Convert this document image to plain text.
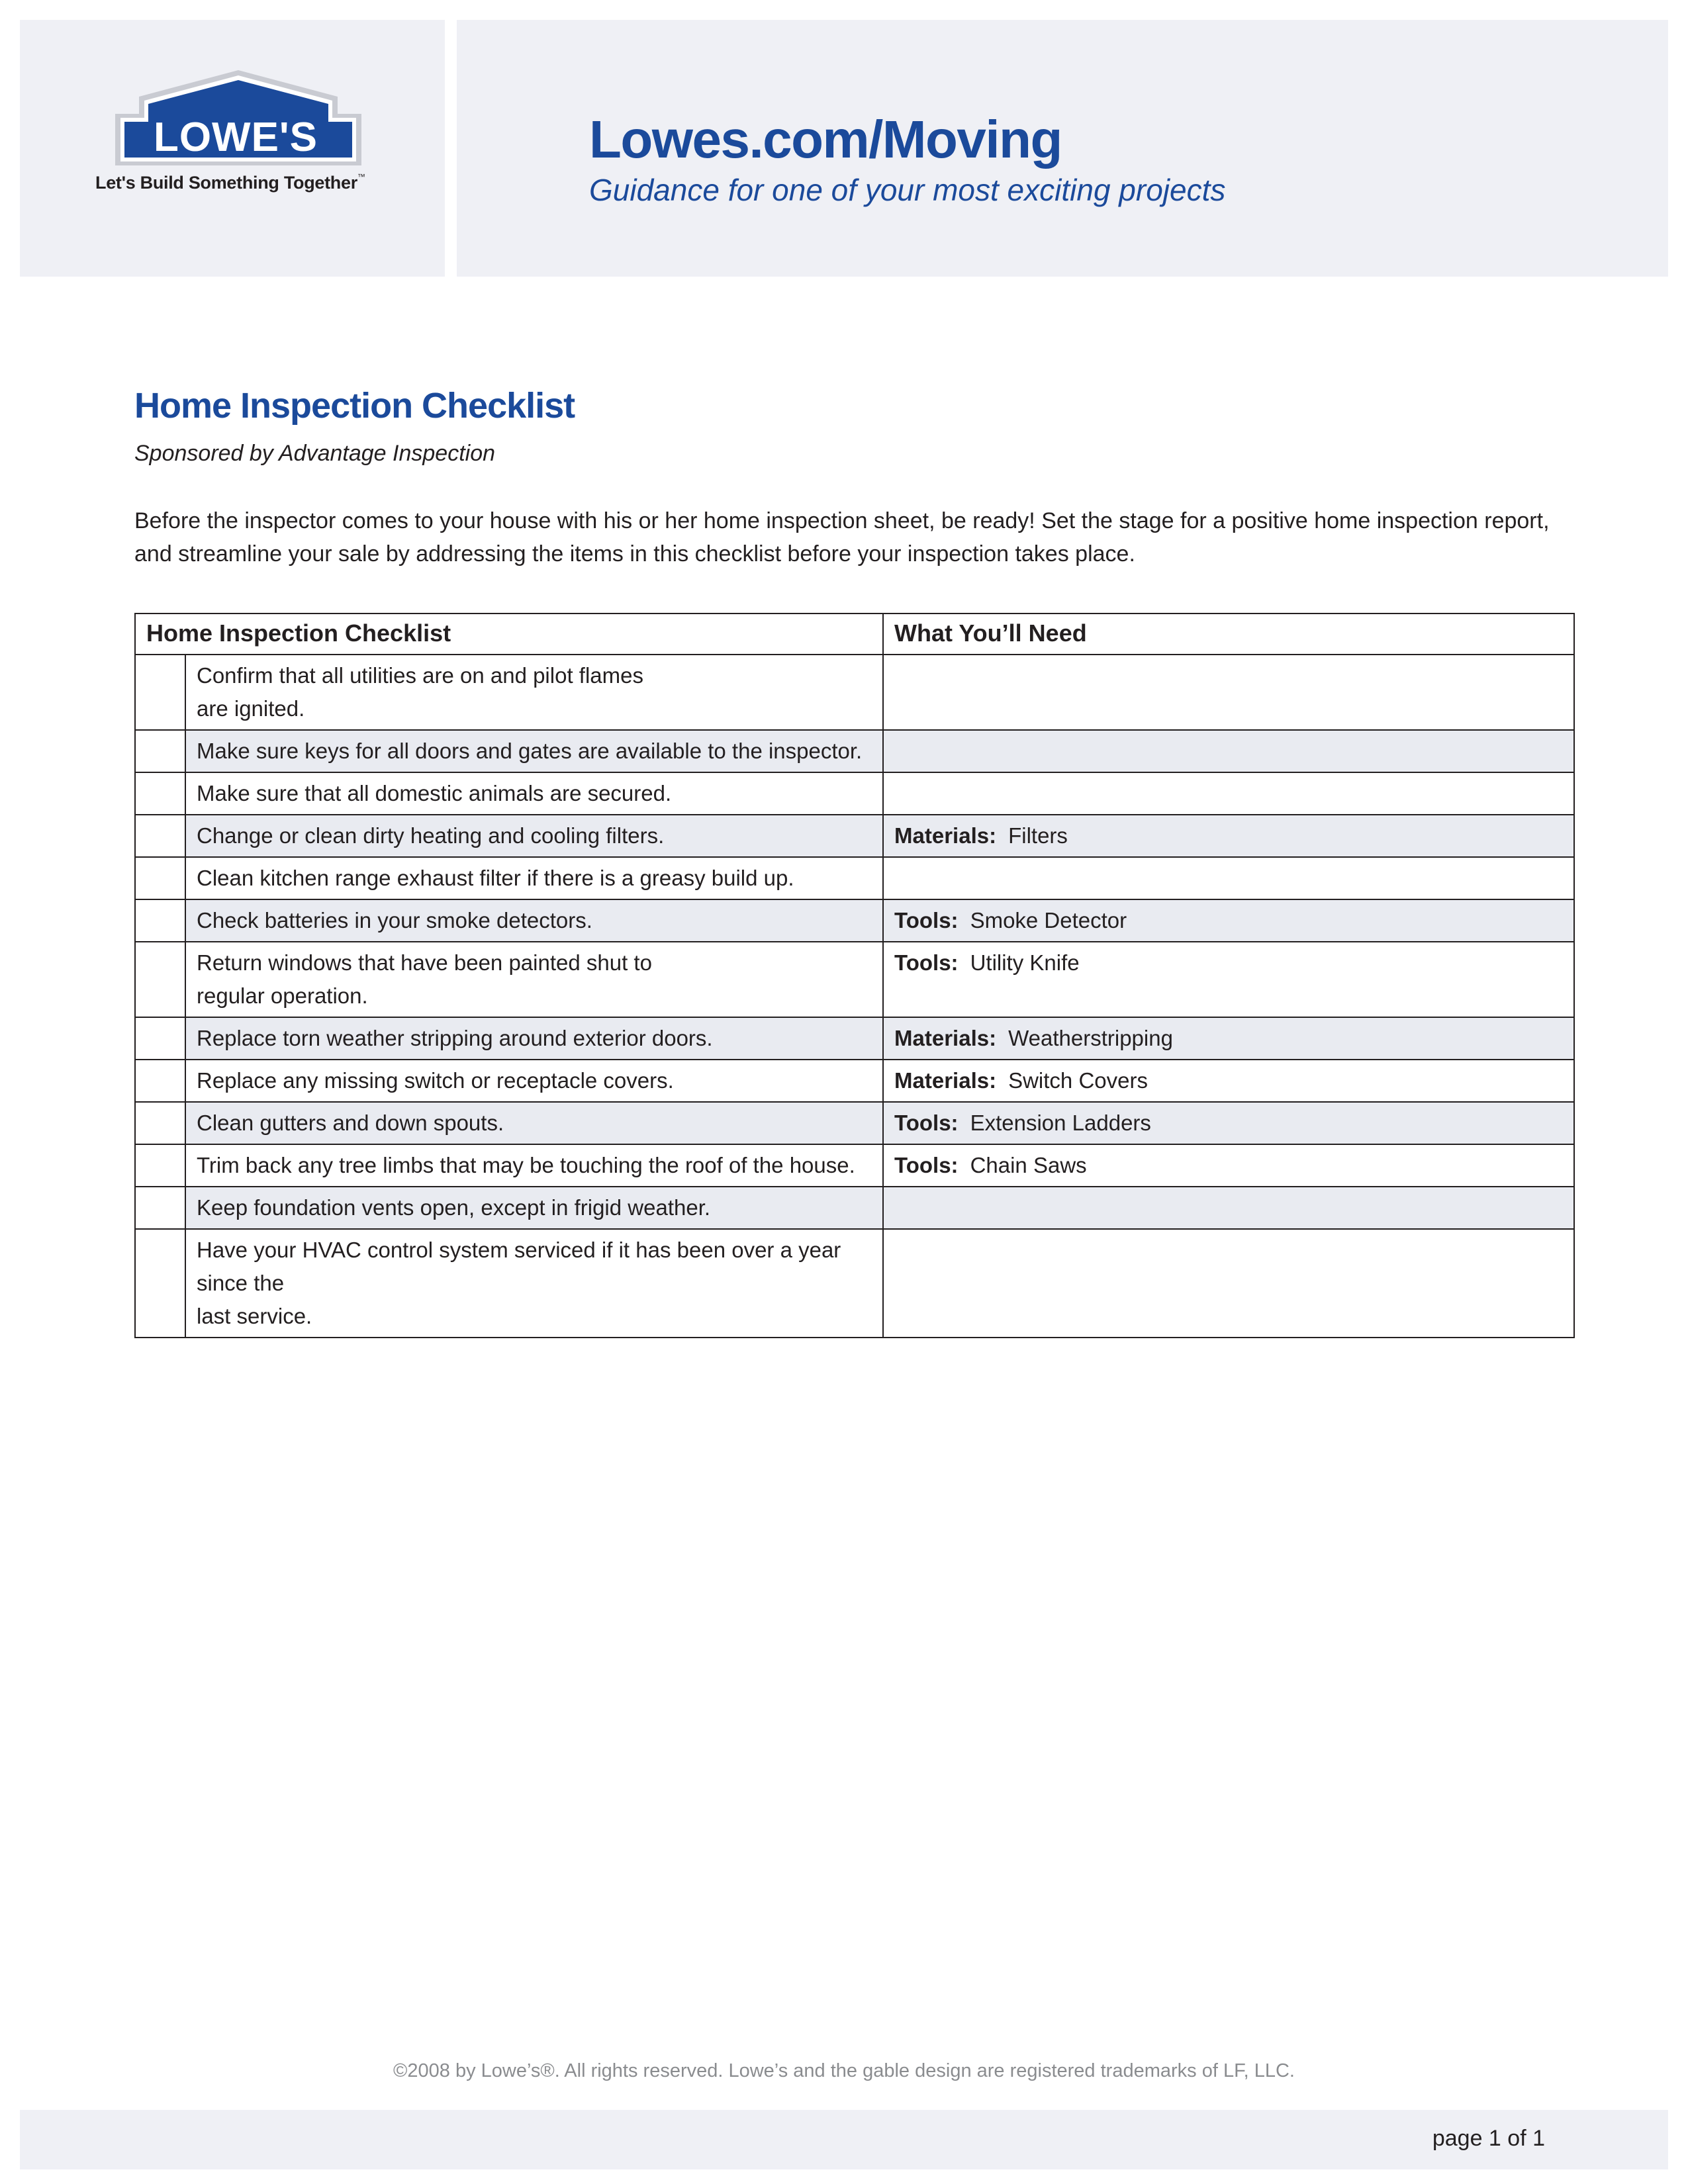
LOWE'S
Let's Build Something Together™
Lowes.com/Moving
Guidance for one of your most exciting projects
Home Inspection Checklist
Sponsored by Advantage Inspection
Before the inspector comes to your house with his or her home inspection sheet, be ready! Set the stage for a positive home inspection report,
and streamline your sale by addressing the items in this checklist before your inspection takes place.
Home Inspection Checklist		What You’ll Need

	Confirm that all utilities are on and pilot flames
are ignited.	

	Make sure keys for all doors and gates are available to the inspector.	

	Make sure that all domestic animals are secured.	

	Change or clean dirty heating and cooling filters.	Materials: Filters

	Clean kitchen range exhaust filter if there is a greasy build up.	

	Check batteries in your smoke detectors.	Tools: Smoke Detector

	Return windows that have been painted shut to
regular operation.	Tools: Utility Knife

	Replace torn weather stripping around exterior doors.	Materials: Weatherstripping

	Replace any missing switch or receptacle covers.	Materials: Switch Covers

	Clean gutters and down spouts.	Tools: Extension Ladders

	Trim back any tree limbs that may be touching the roof of the house.	Tools: Chain Saws

	Keep foundation vents open, except in frigid weather.	

	Have your HVAC control system serviced if it has been over a year since the
last service.	

©2008 by Lowe’s®. All rights reserved. Lowe’s and the gable design are registered trademarks of LF, LLC.
page 1 of 1
